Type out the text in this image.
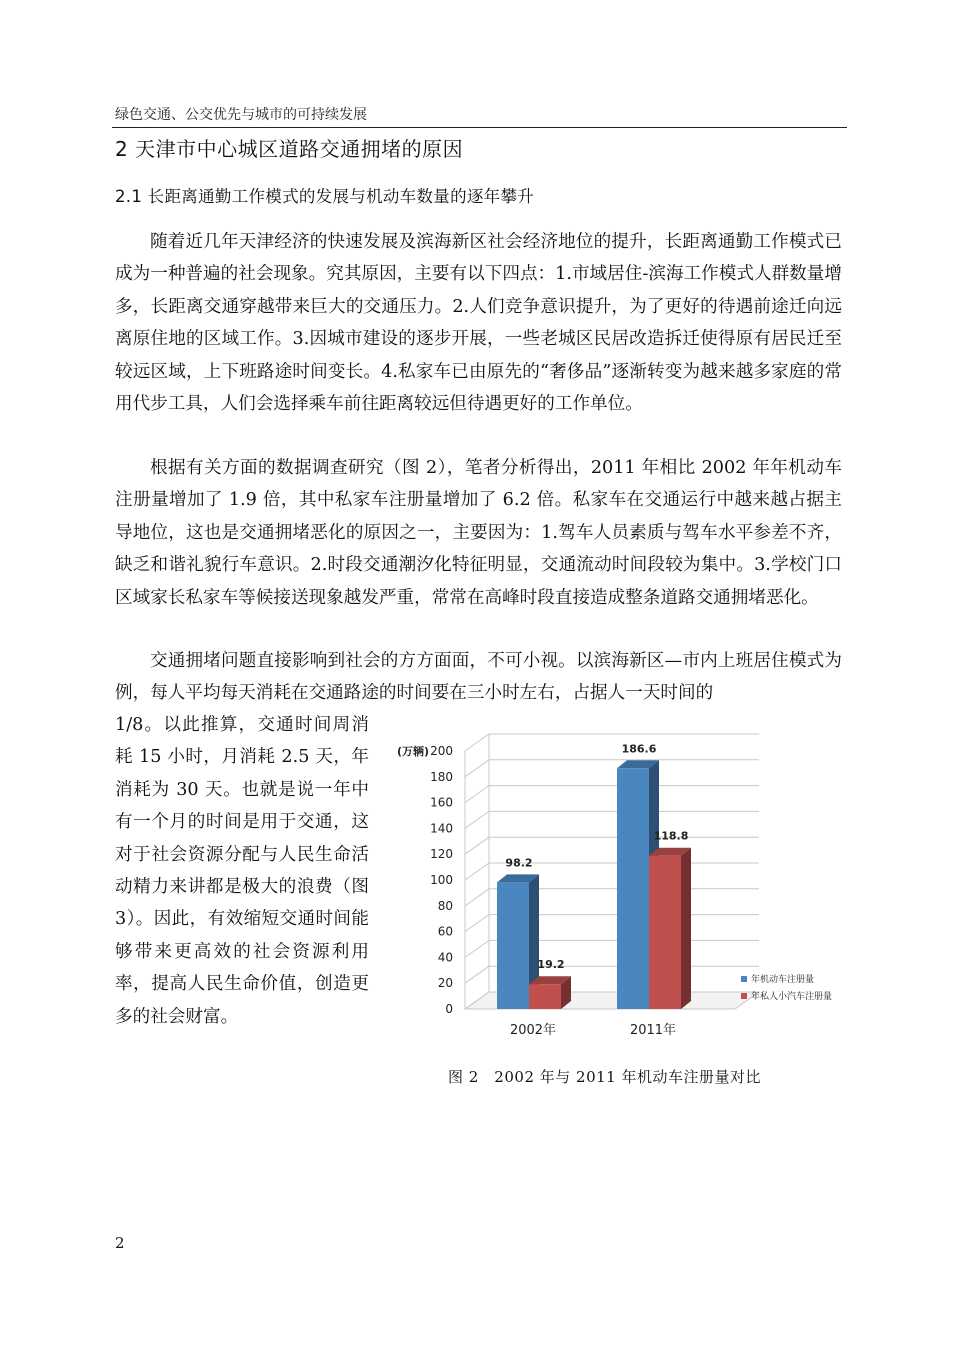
绿色交通、公交优先与城市的可持续发展
2 天津市中心城区道路交通拥堵的原因
2.1 长距离通勤工作模式的发展与机动车数量的逐年攀升

随着近几年天津经济的快速发展及滨海新区社会经济地位的提升，长距离通勤工作模式已成为一种普遍的社会现象。究其原因，主要有以下四点：1.市域居住-滨海工作模式人群数量增多，长距离交通穿越带来巨大的交通压力。2.人们竞争意识提升，为了更好的待遇前途迁向远离原住地的区域工作。3.因城市建设的逐步开展，一些老城区民居改造拆迁使得原有居民迁至较远区域，上下班路途时间变长。4.私家车已由原先的“奢侈品”逐渐转变为越来越多家庭的常用代步工具，人们会选择乘车前往距离较远但待遇更好的工作单位。

根据有关方面的数据调查研究（图 2），笔者分析得出，2011 年相比 2002 年年机动车注册量增加了 1.9 倍，其中私家车注册量增加了 6.2 倍。私家车在交通运行中越来越占据主导地位，这也是交通拥堵恶化的原因之一，主要因为：1.驾车人员素质与驾车水平参差不齐，缺乏和谐礼貌行车意识。2.时段交通潮汐化特征明显，交通流动时间段较为集中。3.学校门口区域家长私家车等候接送现象越发严重，常常在高峰时段直接造成整条道路交通拥堵恶化。

交通拥堵问题直接影响到社会的方方面面，不可小视。以滨海新区—市内上班居住模式为例，每人平均每天消耗在交通路途的时间要在三小时左右，占据人一天时间的

1/8。以此推算，交通时间周消耗 15 小时，月消耗 2.5 天，年消耗为 30 天。也就是说一年中有一个月的时间是用于交通，这对于社会资源分配与人民生命活动精力来讲都是极大的浪费（图 3）。因此，有效缩短交通时间能够带来更高效的社会资源利用率，提高人民生命价值，创造更多的社会财富。	0
20
40
60
80
100
120
140
160
180
200
(万辆)
98.2
19.2
2002年
186.6
118.8
2011年
年机动车注册量
年私人小汽车注册量
图 2　2002 年与 2011 年机动车注册量对比
2
